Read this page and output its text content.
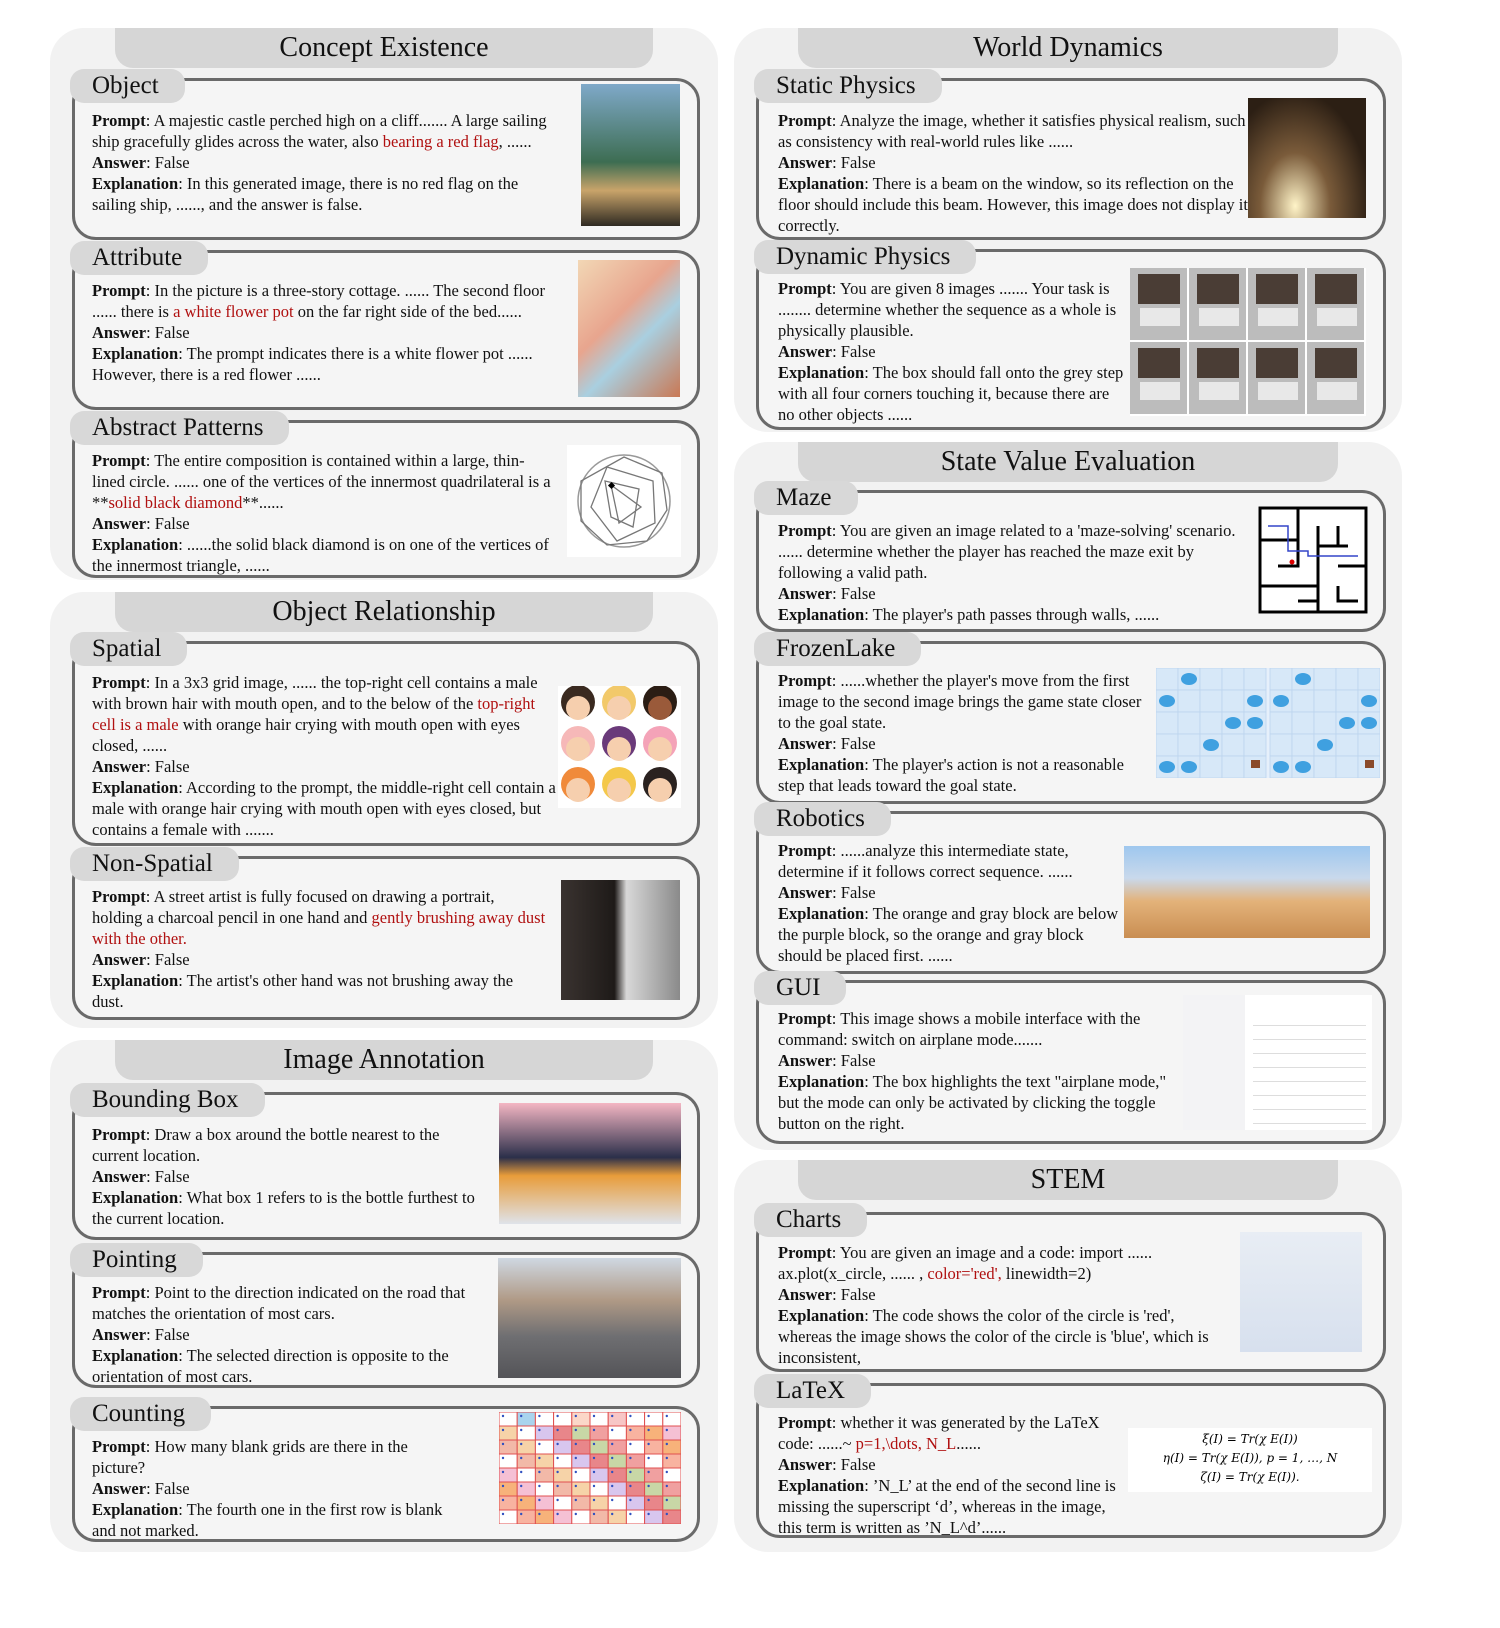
Concept Existence
Object
Prompt: A majestic castle perched high on a cliff....... A large sailing ship gracefully glides across the water, also bearing a red flag, ......
Answer: False
Explanation: In this generated image, there is no red flag on the sailing ship, ......, and the answer is false.
Attribute
Prompt: In the picture is a three-story cottage. ...... The second floor ...... there is a white flower pot on the far right side of the bed......
Answer: False
Explanation: The prompt indicates there is a white flower pot ...... However, there is a red flower ......
Abstract Patterns
Prompt: The entire composition is contained within a large, thin-lined circle. ...... one of the vertices of the innermost quadrilateral is a **solid black diamond**......
Answer: False
Explanation: ......the solid black diamond is on one of the vertices of the innermost triangle, ......
Object Relationship
Spatial
Prompt: In a 3x3 grid image, ...... the top-right cell contains a male with brown hair with mouth open, and to the below of the top-right cell is a male with orange hair crying with mouth open with eyes closed, ......
Answer: False
Explanation: According to the prompt, the middle-right cell contain a male with orange hair crying with mouth open with eyes closed, but contains a female with .......
Non-Spatial
Prompt: A street artist is fully focused on drawing a portrait, holding a charcoal pencil in one hand and gently brushing away dust with the other.
Answer: False
Explanation: The artist's other hand was not brushing away the dust.
Image Annotation
Bounding Box
Prompt: Draw a box around the bottle nearest to the current location.
Answer: False
Explanation: What box 1 refers to is the bottle furthest to the current location.
Pointing
Prompt: Point to the direction indicated on the road that matches the orientation of most cars.
Answer: False
Explanation: The selected direction is opposite to the orientation of most cars.
Counting
Prompt: How many blank grids are there in the picture?
Answer: False
Explanation: The fourth one in the first row is blank and not marked.
World Dynamics
Static Physics
Prompt: Analyze the image, whether it satisfies physical realism, such as consistency with real-world rules like ......
Answer: False
Explanation: There is a beam on the window, so its reflection on the floor should include this beam. However, this image does not display it correctly.
Dynamic Physics
Prompt: You are given 8 images ....... Your task is ........ determine whether the sequence as a whole is physically plausible.
Answer: False
Explanation: The box should fall onto the grey step with all four corners touching it, because there are no other objects ......
State Value Evaluation
Maze
Prompt: You are given an image related to a 'maze-solving' scenario. ...... determine whether the player has reached the maze exit by following a valid path.
Answer: False
Explanation: The player's path passes through walls, ......
FrozenLake
Prompt: ......whether the player's move from the first image to the second image brings the game state closer to the goal state.
Answer: False
Explanation: The player's action is not a reasonable step that leads toward the goal state.
Robotics
Prompt: ......analyze this intermediate state, determine if it follows correct sequence. ......
Answer: False
Explanation: The orange and gray block are below the purple block, so the orange and gray block should be placed first. ......
GUI
Prompt: This image shows a mobile interface with the command: switch on airplane mode.......
Answer: False
Explanation: The box highlights the text "airplane mode," but the mode can only be activated by clicking the toggle button on the right.
STEM
Charts
Prompt: You are given an image and a code: import ...... ax.plot(x_circle, ...... , color='red', linewidth=2)
Answer: False
Explanation: The code shows the color of the circle is 'red', whereas the image shows the color of the circle is 'blue', which is inconsistent,
LaTeX
Prompt: whether it was generated by the LaTeX code: ......~ p=1,\dots, N_L......
Answer: False
Explanation: ’N_L’ at the end of the second line is missing the superscript ‘d’, whereas in the image, this term is written as ’N_L^d’......
ξ(I) = Tr(χ E(I))
η(I) = Tr(χ E(I)), p = 1, …, N
ζ(I) = Tr(χ E(I)).
